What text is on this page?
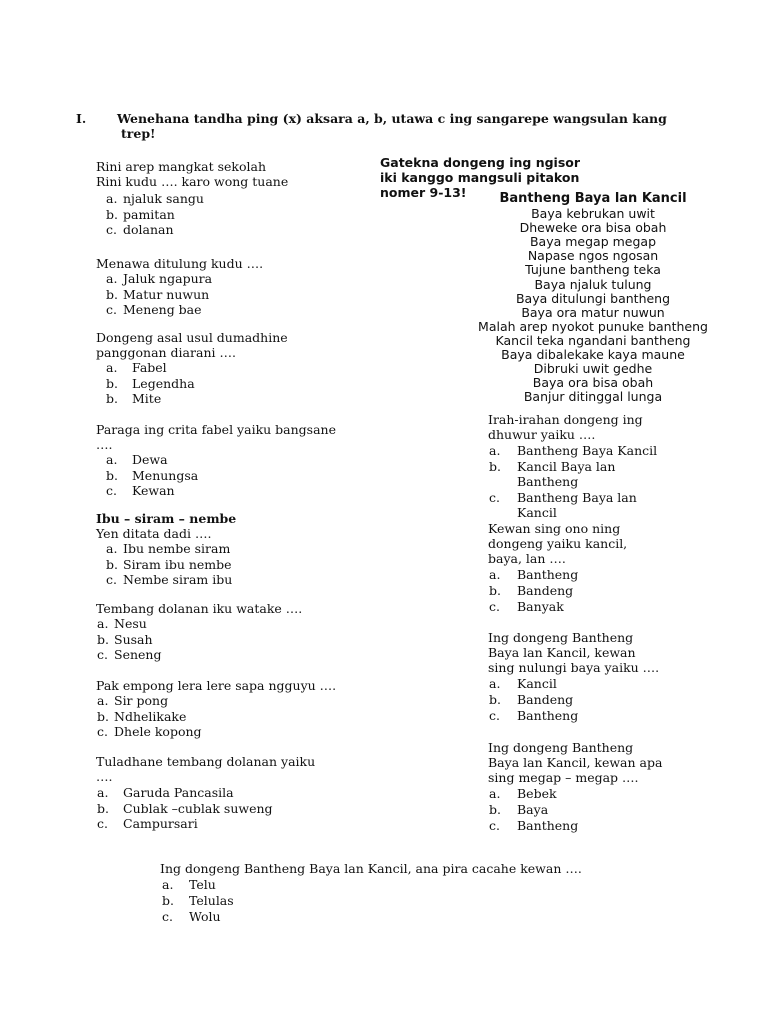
I. Wenehana tandha ping (x) aksara a, b, utawa c ing sangarepe wangsulan kang
trep!
Rini arep mangkat sekolah
Rini kudu …. karo wong tuane
a. njaluk sangu
b. pamitan
c. dolanan
Menawa ditulung kudu ….
a. Jaluk ngapura
b. Matur nuwun
c. Meneng bae
Dongeng asal usul dumadhine
panggonan diarani ….
a. Fabel
b. Legendha
b. Mite
Paraga ing crita fabel yaiku bangsane
….
a. Dewa
b. Menungsa
c. Kewan
Ibu – siram – nembe
Yen ditata dadi ….
a. Ibu nembe siram
b. Siram ibu nembe
c. Nembe siram ibu
Tembang dolanan iku watake ….
a. Nesu
b. Susah
c. Seneng
Pak empong lera lere sapa ngguyu ….
a. Sir pong
b. Ndhelikake
c. Dhele kopong
Tuladhane tembang dolanan yaiku
….
a. Garuda Pancasila
b. Cublak –cublak suweng
c. Campursari
Gatekna dongeng ing ngisor
iki kanggo mangsuli pitakon
nomer 9-13!	Bantheng Baya lan Kancil
Baya kebrukan uwit
Dheweke ora bisa obah
Baya megap megap
Napase ngos ngosan
Tujune bantheng teka
Baya njaluk tulung
Baya ditulungi bantheng
Baya ora matur nuwun
Malah arep nyokot punuke bantheng
Kancil teka ngandani bantheng
Baya dibalekake kaya maune
Dibruki uwit gedhe
Baya ora bisa obah
Banjur ditinggal lunga
Irah-irahan dongeng ing
dhuwur yaiku ….
a. Bantheng Baya Kancil
b. Kancil Baya lan
Bantheng
c. Bantheng Baya lan
Kancil
Kewan sing ono ning
dongeng yaiku kancil,
baya, lan ….
a. Bantheng
b. Bandeng
c. Banyak
Ing dongeng Bantheng
Baya lan Kancil, kewan
sing nulungi baya yaiku ….
a. Kancil
b. Bandeng
c. Bantheng
Ing dongeng Bantheng
Baya lan Kancil, kewan apa
sing megap – megap ….
a. Bebek
b. Baya
c. Bantheng
Ing dongeng Bantheng Baya lan Kancil, ana pira cacahe kewan ….
a. Telu
b. Telulas
c. Wolu
